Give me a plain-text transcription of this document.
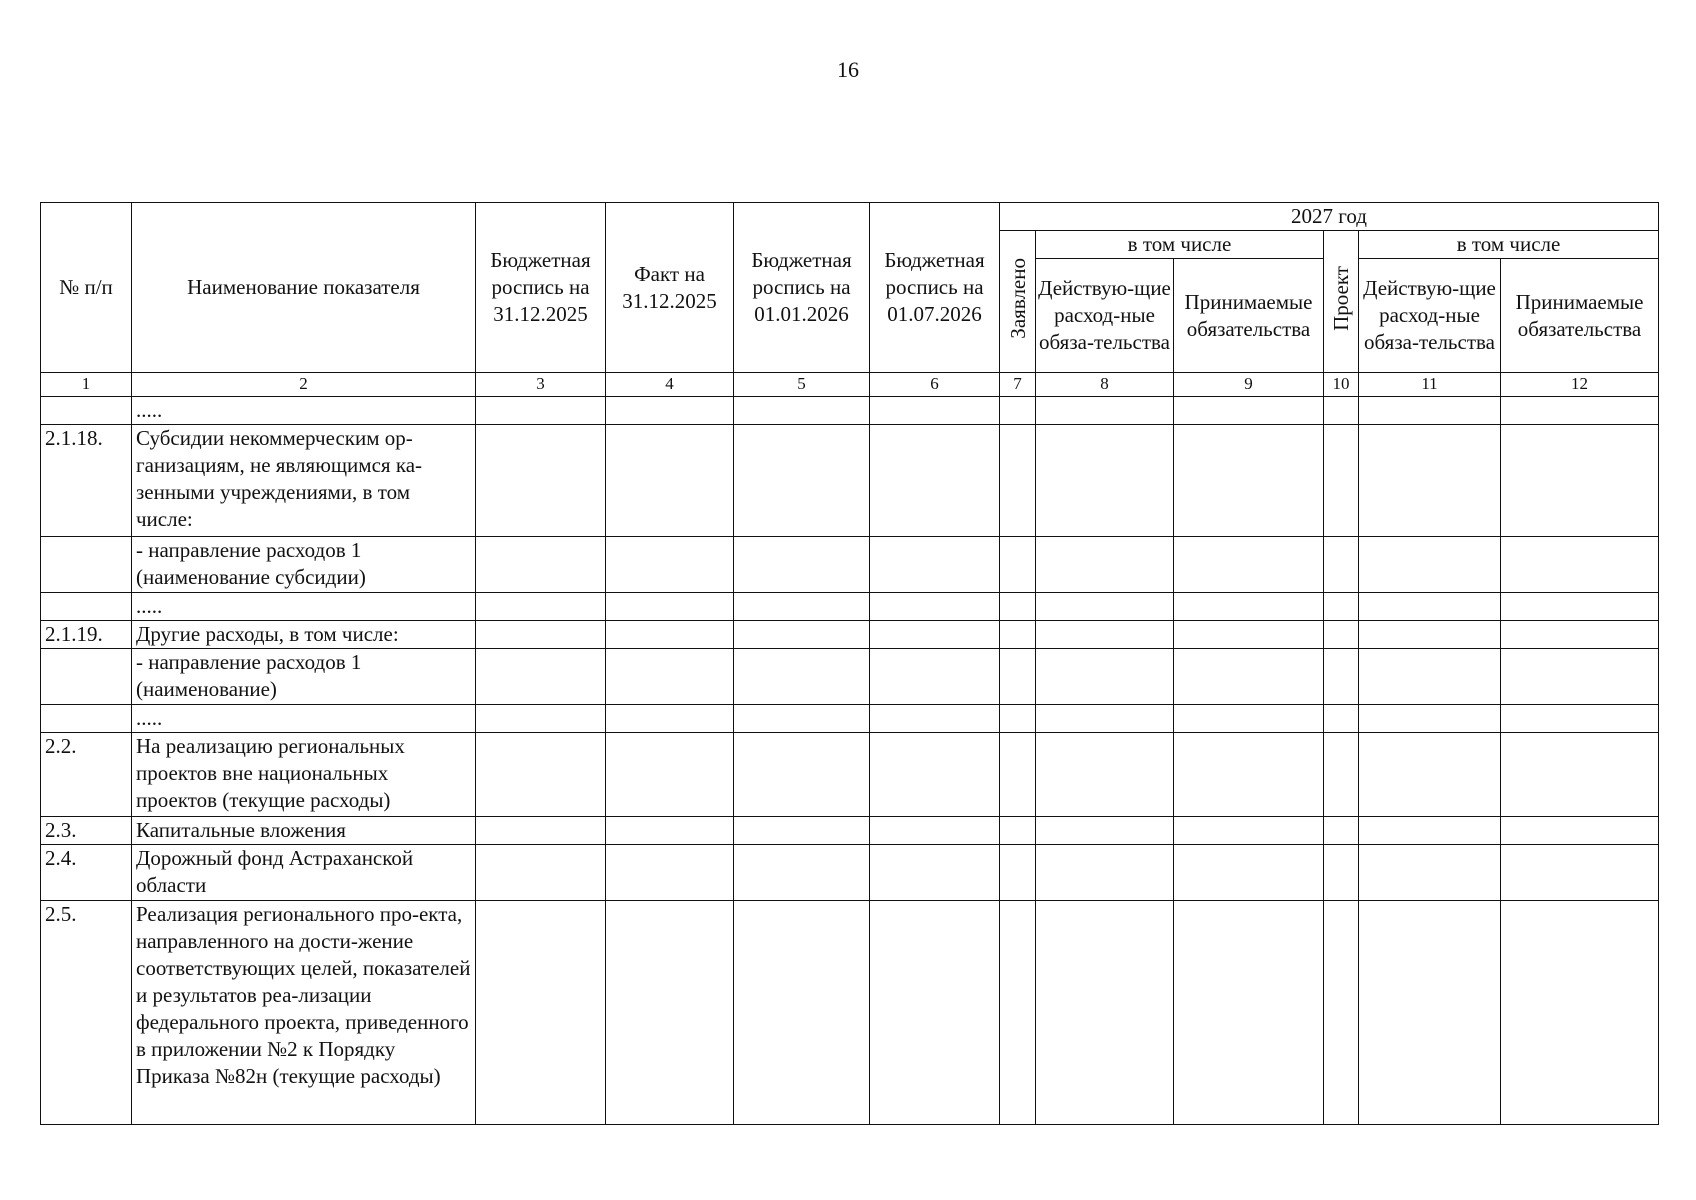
16
№ п/п	Наименование показателя	Бюджетная роспись на 31.12.2025	Факт на 31.12.2025	Бюджетная роспись на 01.01.2026	Бюджетная роспись на 01.07.2026	2027 год					
						Заявлено	в том числе		Проект	в том числе	
							Действую-щие расход-ные обяза-тельства	Принимаемые обязательства		Действую-щие расход-ные обяза-тельства	Принимаемые обязательства
1	2	3	4	5	6	7	8	9	10	11	12
	.....										
2.1.18.	Субсидии некоммерческим ор-ганизациям, не являющимся ка-зенными учреждениями, в том числе:										
	- направление расходов 1 (наименование субсидии)										
	.....										
2.1.19.	Другие расходы, в том числе:										
	- направление расходов 1 (наименование)										
	.....										
2.2.	На реализацию региональных проектов вне национальных проектов (текущие расходы)										
2.3.	Капитальные вложения										
2.4.	Дорожный фонд Астраханской области										
2.5.	Реализация регионального про-екта, направленного на дости-жение соответствующих целей, показателей и результатов реа-лизации федерального проекта, приведенного в приложении №2 к Порядку Приказа №82н (текущие расходы)										
